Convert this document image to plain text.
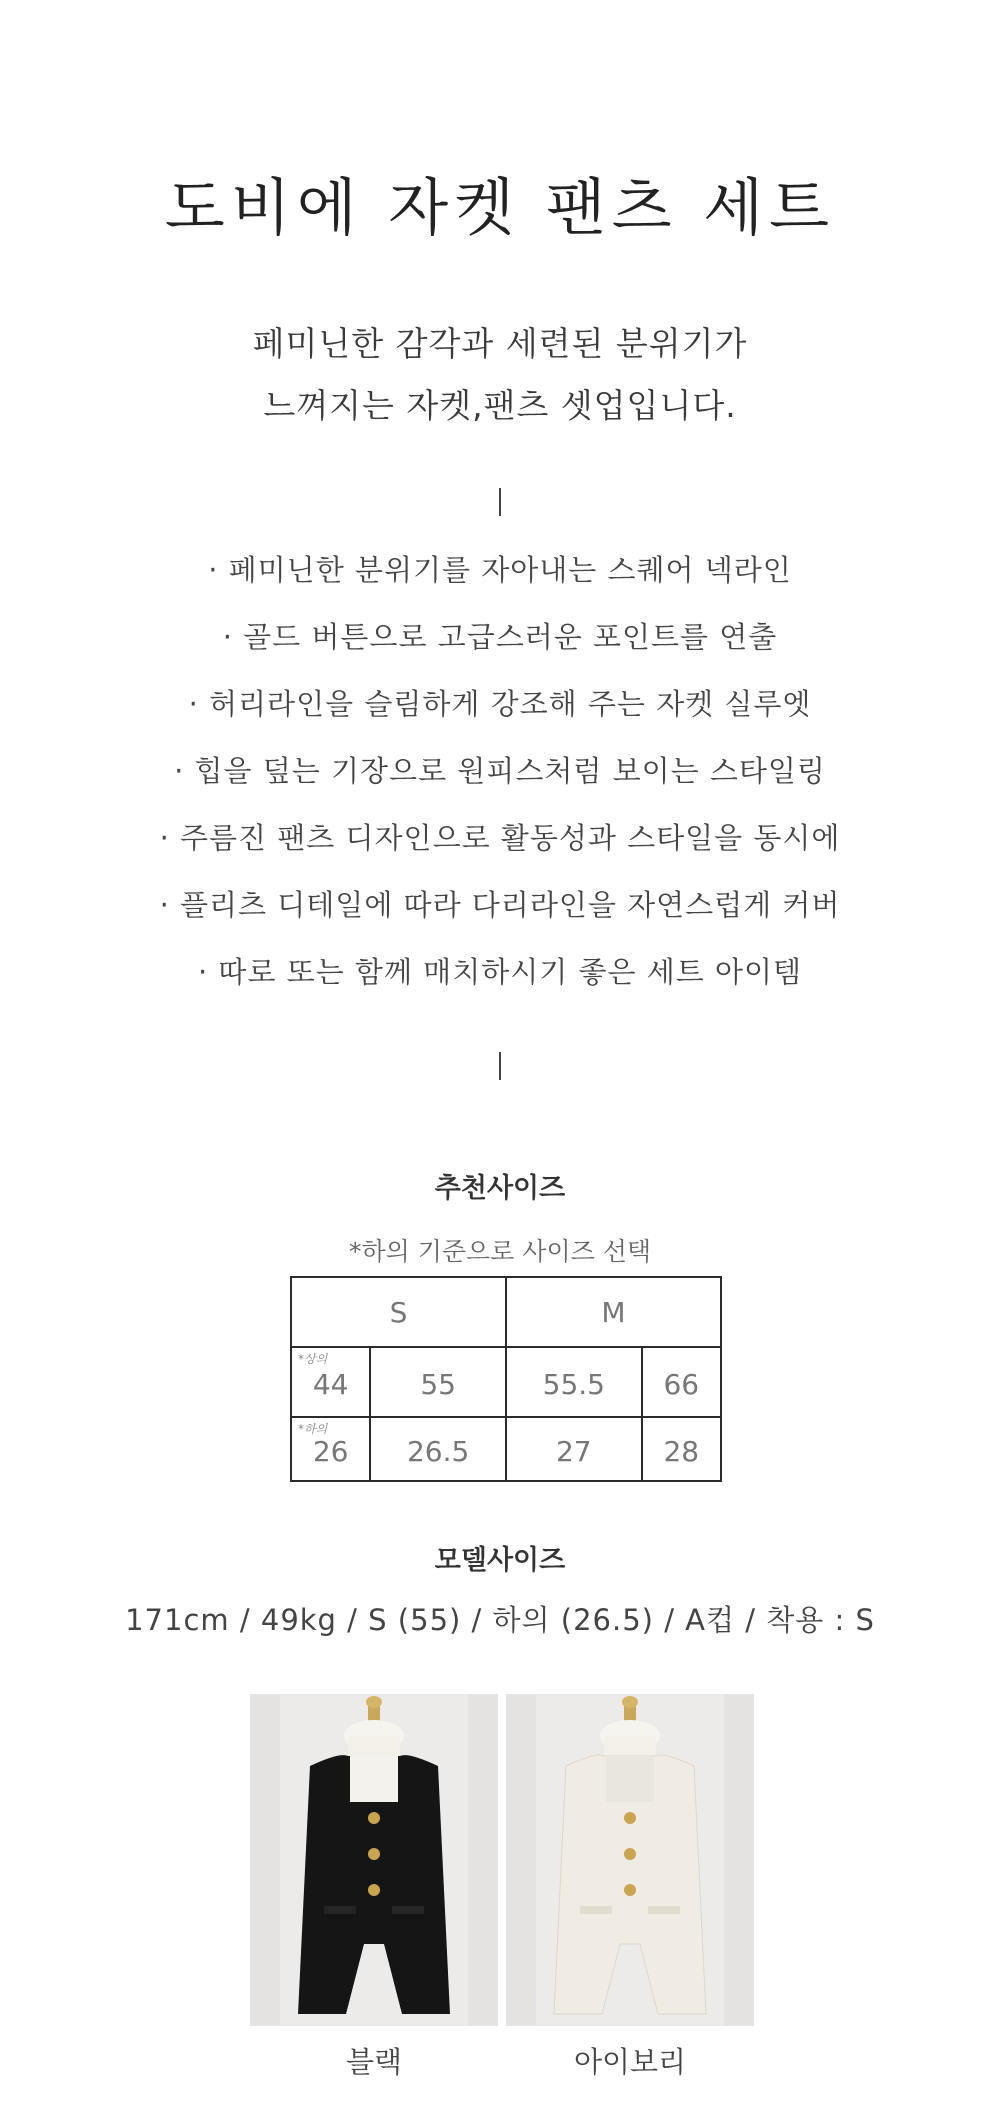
도비에 자켓 팬츠 세트
페미닌한 감각과 세련된 분위기가
느껴지는 자켓,팬츠 셋업입니다.
· 페미닌한 분위기를 자아내는 스퀘어 넥라인
· 골드 버튼으로 고급스러운 포인트를 연출
· 허리라인을 슬림하게 강조해 주는 자켓 실루엣
· 힙을 덮는 기장으로 원피스처럼 보이는 스타일링
· 주름진 팬츠 디자인으로 활동성과 스타일을 동시에
· 플리츠 디테일에 따라 다리라인을 자연스럽게 커버
· 따로 또는 함께 매치하시기 좋은 세트 아이템
추천사이즈
*하의 기준으로 사이즈 선택
S		M	

*상의
44	55	55.5	66

*하의
26	26.5	27	28
모델사이즈
171cm / 49kg / S (55) / 하의 (26.5) / A컵 / 착용 : S
블랙	아이보리
